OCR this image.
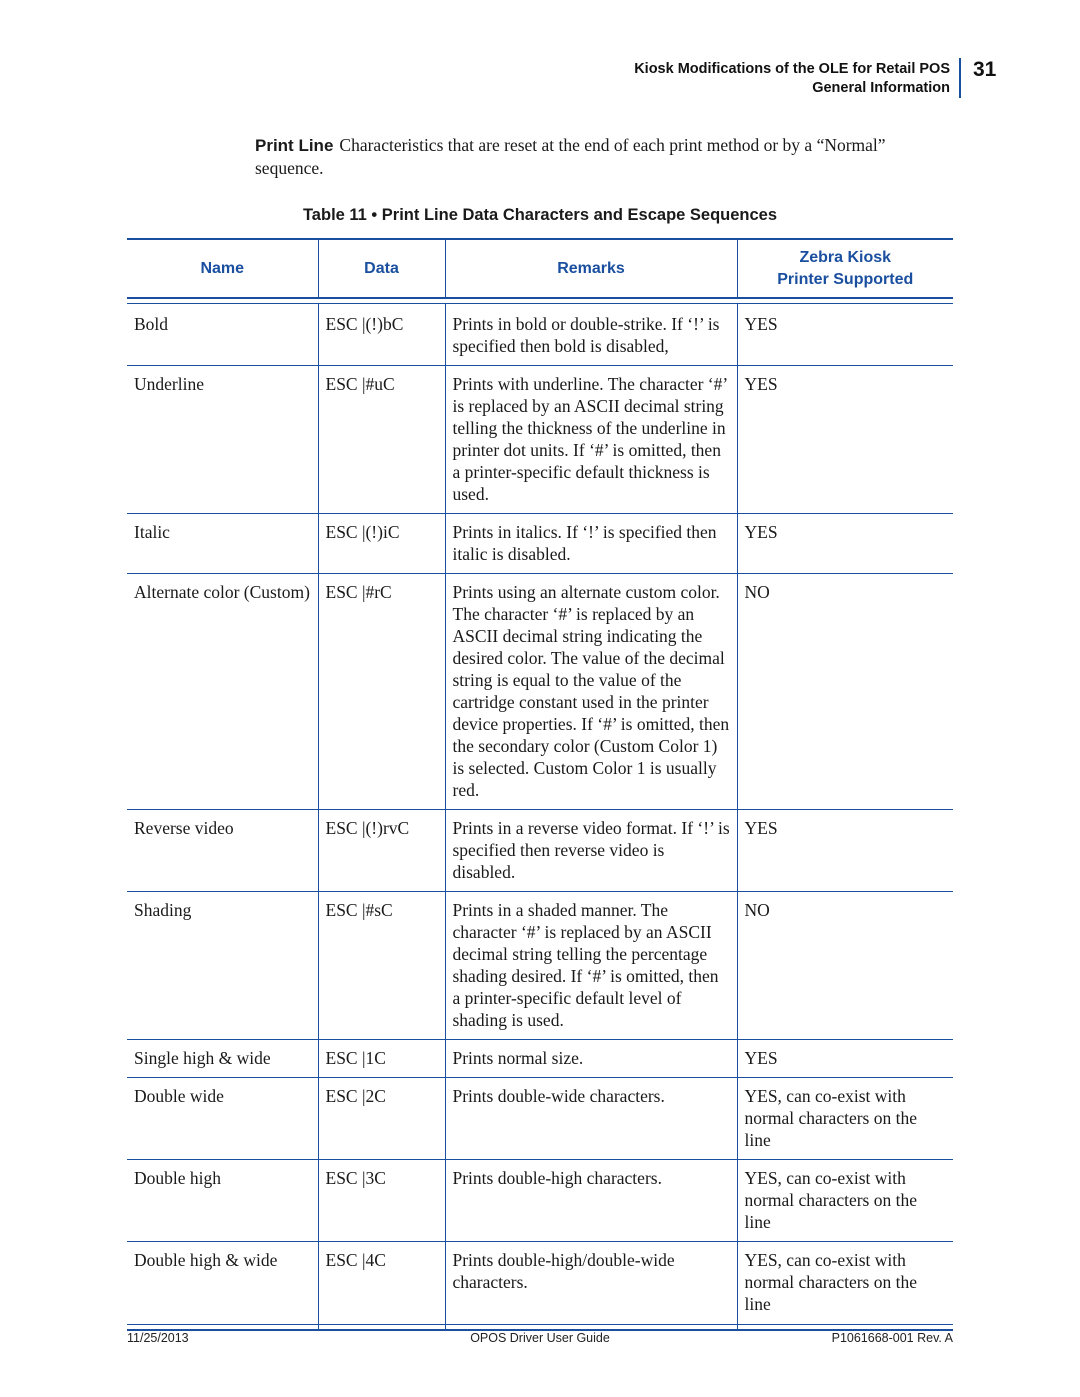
Kiosk Modifications of the OLE for Retail POS
General Information
31
Print Line Characteristics that are reset at the end of each print method or by a “Normal” sequence.
Table 11 • Print Line Data Characters and Escape Sequences
Name	Data	Remarks	Zebra Kiosk
Printer Supported

Bold	ESC |(!)bC	Prints in bold or double-strike. If ‘!’ is specified then bold is disabled,	YES
Underline	ESC |#uC	Prints with underline. The character ‘#’ is replaced by an ASCII decimal string telling the thickness of the underline in printer dot units. If ‘#’ is omitted, then a printer-specific default thickness is used.	YES
Italic	ESC |(!)iC	Prints in italics. If ‘!’ is specified then italic is disabled.	YES
Alternate color (Custom)	ESC |#rC	Prints using an alternate custom color. The character ‘#’ is replaced by an ASCII decimal string indicating the desired color. The value of the decimal string is equal to the value of the cartridge constant used in the printer device properties. If ‘#’ is omitted, then the secondary color (Custom Color 1) is selected. Custom Color 1 is usually red.	NO
Reverse video	ESC |(!)rvC	Prints in a reverse video format. If ‘!’ is specified then reverse video is disabled.	YES
Shading	ESC |#sC	Prints in a shaded manner. The character ‘#’ is replaced by an ASCII decimal string telling the percentage shading desired. If ‘#’ is omitted, then a printer-specific default level of shading is used.	NO
Single high & wide	ESC |1C	Prints normal size.	YES
Double wide	ESC |2C	Prints double-wide characters.	YES, can co-exist with normal characters on the line
Double high	ESC |3C	Prints double-high characters.	YES, can co-exist with normal characters on the line
Double high & wide	ESC |4C	Prints double-high/double-wide characters.	YES, can co-exist with normal characters on the line
11/25/2013	OPOS Driver User Guide	P1061668-001 Rev. A
